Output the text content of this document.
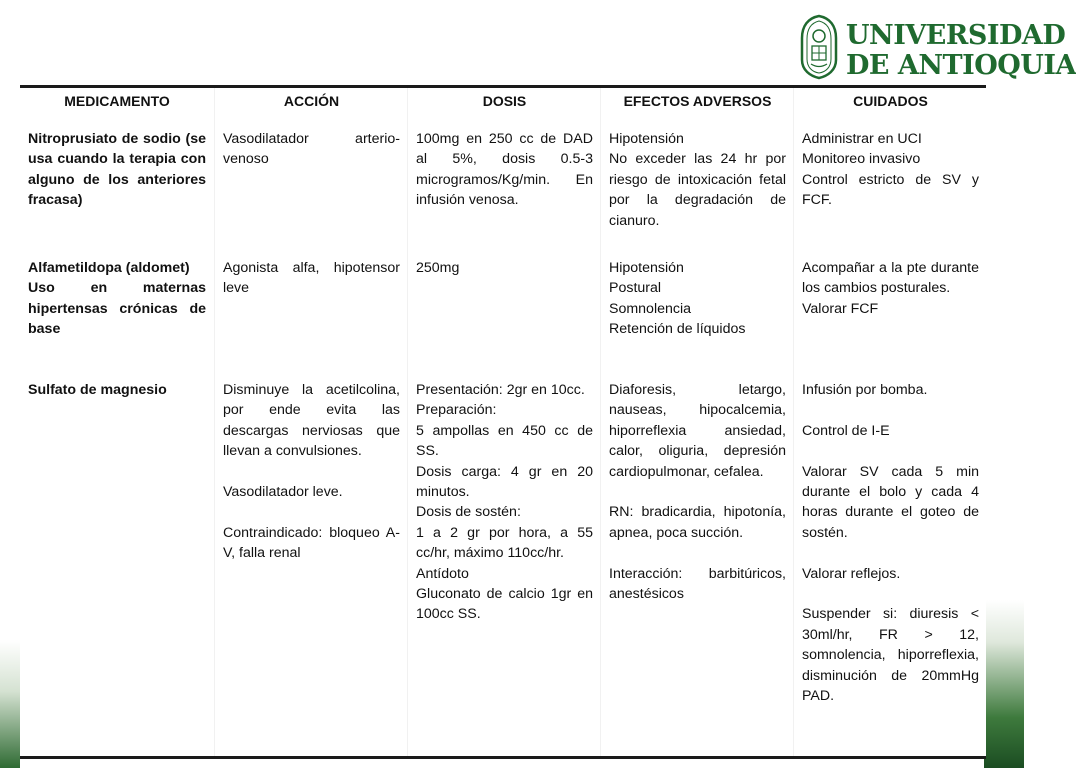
UNIVERSIDAD
DE ANTIOQUIA
MEDICAMENTO
Nitroprusiato de sodio (se usa cuando la terapia con alguno de los anteriores fracasa)
Alfametildopa (aldomet)
Uso en maternas hipertensas crónicas de base
Sulfato de magnesio
ACCIÓN
Vasodilatador arterio-venoso
Agonista alfa, hipotensor leve
Disminuye la acetilcolina, por ende evita las descargas nerviosas que llevan a convulsiones.
Vasodilatador leve.
Contraindicado: bloqueo A-V, falla renal
DOSIS
100mg en 250 cc de DAD al 5%, dosis 0.5-3 microgramos/Kg/min. En infusión venosa.
250mg
Presentación: 2gr en 10cc.
Preparación:
5 ampollas en 450 cc de SS.
Dosis carga: 4 gr en 20 minutos.
Dosis de sostén:
1 a 2 gr por hora, a 55 cc/hr, máximo 110cc/hr.
Antídoto
Gluconato de calcio 1gr en 100cc SS.
EFECTOS ADVERSOS
Hipotensión
No exceder las 24 hr por riesgo de intoxicación fetal por la degradación de cianuro.
Hipotensión
Postural
Somnolencia
Retención de líquidos
Diaforesis, letargo, nauseas, hipocalcemia, hiporreflexia ansiedad, calor, oliguria, depresión cardiopulmonar, cefalea.
RN: bradicardia, hipotonía, apnea, poca succión.
Interacción: barbitúricos, anestésicos
CUIDADOS
Administrar en UCI
Monitoreo invasivo
Control estricto de SV y FCF.
Acompañar a la pte durante los cambios posturales.
Valorar FCF
Infusión por bomba.
Control de I-E
Valorar SV cada 5 min durante el bolo y cada 4 horas durante el goteo de sostén.
Valorar reflejos.
Suspender si: diuresis < 30ml/hr, FR > 12, somnolencia, hiporreflexia, disminución de 20mmHg PAD.
